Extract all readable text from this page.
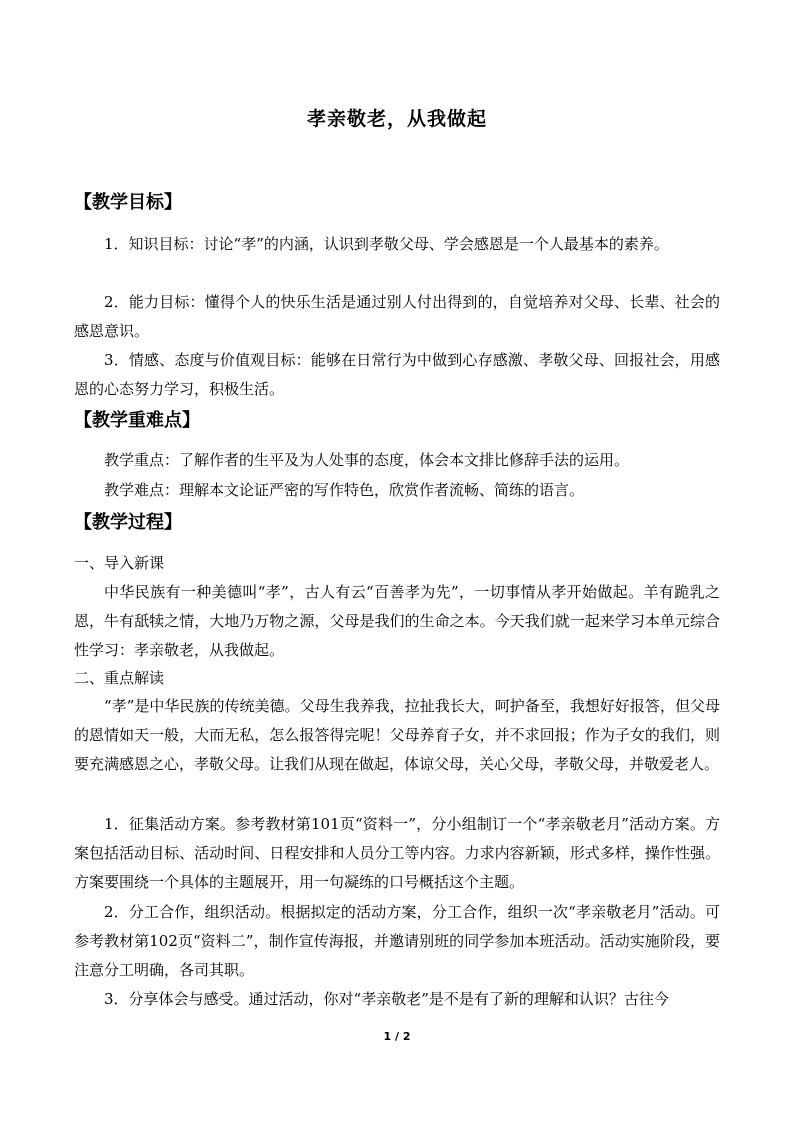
孝亲敬老，从我做起
【教学目标】
1．知识目标：讨论“孝”的内涵，认识到孝敬父母、学会感恩是一个人最基本的素养。
2．能力目标：懂得个人的快乐生活是通过别人付出得到的，自觉培养对父母、长辈、社会的感恩意识。
3．情感、态度与价值观目标：能够在日常行为中做到心存感激、孝敬父母、回报社会，用感恩的心态努力学习，积极生活。
【教学重难点】
教学重点：了解作者的生平及为人处事的态度，体会本文排比修辞手法的运用。
教学难点：理解本文论证严密的写作特色，欣赏作者流畅、简练的语言。
【教学过程】
一、导入新课
中华民族有一种美德叫“孝”，古人有云“百善孝为先”，一切事情从孝开始做起。羊有跪乳之恩，牛有舐犊之情，大地乃万物之源，父母是我们的生命之本。今天我们就一起来学习本单元综合性学习：孝亲敬老，从我做起。
二、重点解读
“孝”是中华民族的传统美德。父母生我养我，拉扯我长大，呵护备至，我想好好报答，但父母的恩情如天一般，大而无私，怎么报答得完呢！父母养育子女，并不求回报；作为子女的我们，则要充满感恩之心，孝敬父母。让我们从现在做起，体谅父母，关心父母，孝敬父母，并敬爱老人。
1．征集活动方案。参考教材第101页“资料一”，分小组制订一个“孝亲敬老月”活动方案。方案包括活动目标、活动时间、日程安排和人员分工等内容。力求内容新颖，形式多样，操作性强。方案要围绕一个具体的主题展开，用一句凝练的口号概括这个主题。
2．分工合作，组织活动。根据拟定的活动方案，分工合作，组织一次“孝亲敬老月”活动。可参考教材第102页“资料二”，制作宣传海报，并邀请别班的同学参加本班活动。活动实施阶段，要注意分工明确，各司其职。
3．分享体会与感受。通过活动，你对“孝亲敬老”是不是有了新的理解和认识？古往今
1 / 2
